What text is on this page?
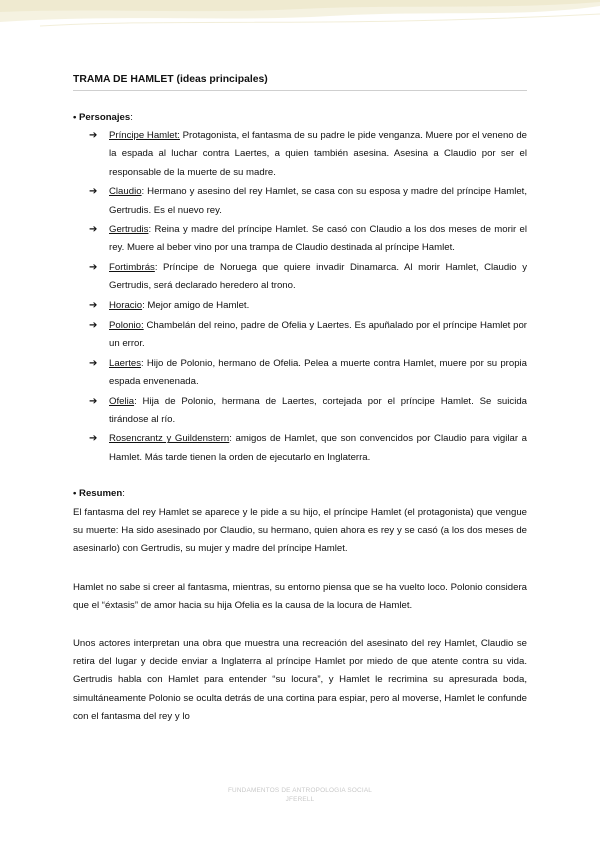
TRAMA DE HAMLET (ideas principales)

• Personajes:

➔ Príncipe Hamlet: Protagonista, el fantasma de su padre le pide venganza. Muere por el veneno de la espada al luchar contra Laertes, a quien también asesina. Asesina a Claudio por ser el responsable de la muerte de su madre.
➔ Claudio: Hermano y asesino del rey Hamlet, se casa con su esposa y madre del príncipe Hamlet, Gertrudis. Es el nuevo rey.
➔ Gertrudis: Reina y madre del príncipe Hamlet. Se casó con Claudio a los dos meses de morir el rey. Muere al beber vino por una trampa de Claudio destinada al príncipe Hamlet.
➔ Fortimbrás: Príncipe de Noruega que quiere invadir Dinamarca. Al morir Hamlet, Claudio y Gertrudis, será declarado heredero al trono.
➔ Horacio: Mejor amigo de Hamlet.
➔ Polonio: Chambelán del reino, padre de Ofelia y Laertes. Es apuñalado por el príncipe Hamlet por un error.
➔ Laertes: Hijo de Polonio, hermano de Ofelia. Pelea a muerte contra Hamlet, muere por su propia espada envenenada.
➔ Ofelia: Hija de Polonio, hermana de Laertes, cortejada por el príncipe Hamlet. Se suicida tirándose al río.
➔ Rosencrantz y Guildenstern: amigos de Hamlet, que son convencidos por Claudio para vigilar a Hamlet. Más tarde tienen la orden de ejecutarlo en Inglaterra.

• Resumen:

El fantasma del rey Hamlet se aparece y le pide a su hijo, el príncipe Hamlet (el protagonista) que vengue su muerte: Ha sido asesinado por Claudio, su hermano, quien ahora es rey y se casó (a los dos meses de asesinarlo) con Gertrudis, su mujer y madre del príncipe Hamlet.

Hamlet no sabe si creer al fantasma, mientras, su entorno piensa que se ha vuelto loco. Polonio considera que el “éxtasis” de amor hacia su hija Ofelia es la causa de la locura de Hamlet.

Unos actores interpretan una obra que muestra una recreación del asesinato del rey Hamlet, Claudio se retira del lugar y decide enviar a Inglaterra al príncipe Hamlet por miedo de que atente contra su vida. Gertrudis habla con Hamlet para entender “su locura”, y Hamlet le recrimina su apresurada boda, simultáneamente Polonio se oculta detrás de una cortina para espiar, pero al moverse, Hamlet le confunde con el fantasma del rey y lo

FUNDAMENTOS DE ANTROPOLOGIA SOCIAL
JFERELL
